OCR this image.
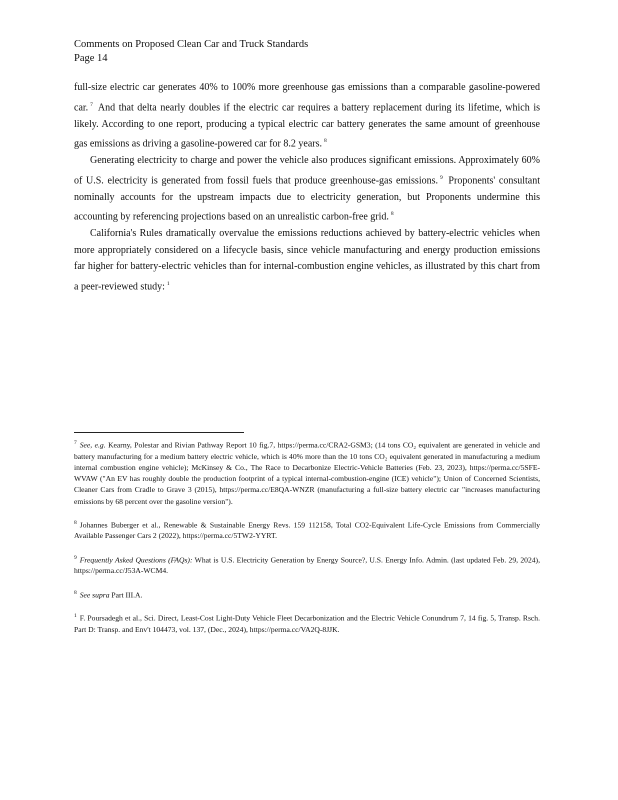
Comments on Proposed Clean Car and Truck Standards
Page 14

full-size electric car generates 40% to 100% more greenhouse gas emissions than a comparable gasoline-powered car. $^7$ And that delta nearly doubles if the electric car requires a battery replacement during its lifetime, which is likely. According to one report, producing a typical electric car battery generates the same amount of greenhouse gas emissions as driving a gasoline-powered car for 8.2 years. $^8$

Generating electricity to charge and power the vehicle also produces significant emissions. Approximately 60% of U.S. electricity is generated from fossil fuels that produce greenhouse-gas emissions. $^9$ Proponents' consultant nominally accounts for the upstream impacts due to electricity generation, but Proponents undermine this accounting by referencing projections based on an unrealistic carbon-free grid. $^8$

California's Rules dramatically overvalue the emissions reductions achieved by battery-electric vehicles when more appropriately considered on a lifecycle basis, since vehicle manufacturing and energy production emissions far higher for battery-electric vehicles than for internal-combustion engine vehicles, as illustrated by this chart from a peer-reviewed study: $^1$

$^7$ See, e.g. Kearny, Polestar and Rivian Pathway Report 10 fig.7, https://perma.cc/CRA2-GSM3; (14 tons CO₂ equivalent are generated in vehicle and battery manufacturing for a medium battery electric vehicle, which is 40% more than the 10 tons CO₂ equivalent generated in manufacturing a medium internal combustion engine vehicle); McKinsey & Co., The Race to Decarbonize Electric-Vehicle Batteries (Feb. 23, 2023), https://perma.cc/5SFE-WVAW ("An EV has roughly double the production footprint of a typical internal-combustion-engine (ICE) vehicle"); Union of Concerned Scientists, Cleaner Cars from Cradle to Grave 3 (2015), https://perma.cc/E8QA-WNZR (manufacturing a full-size battery electric car "increases manufacturing emissions by 68 percent over the gasoline version").
$^8$ Johannes Buberger et al., Renewable & Sustainable Energy Revs. 159 112158, Total CO2-Equivalent Life-Cycle Emissions from Commercially Available Passenger Cars 2 (2022), https://perma.cc/5TW2-YYRT.
$^9$ Frequently Asked Questions (FAQs): What is U.S. Electricity Generation by Energy Source?, U.S. Energy Info. Admin. (last updated Feb. 29, 2024), https://perma.cc/J53A-WCM4.
$^8$ See supra Part III.A.
$^1$ F. Poursadegh et al., Sci. Direct, Least-Cost Light-Duty Vehicle Fleet Decarbonization and the Electric Vehicle Conundrum 7, 14 fig. 5, Transp. Rsch. Part D: Transp. and Env't 104473, vol. 137, (Dec., 2024), https://perma.cc/VA2Q-8JJK.
